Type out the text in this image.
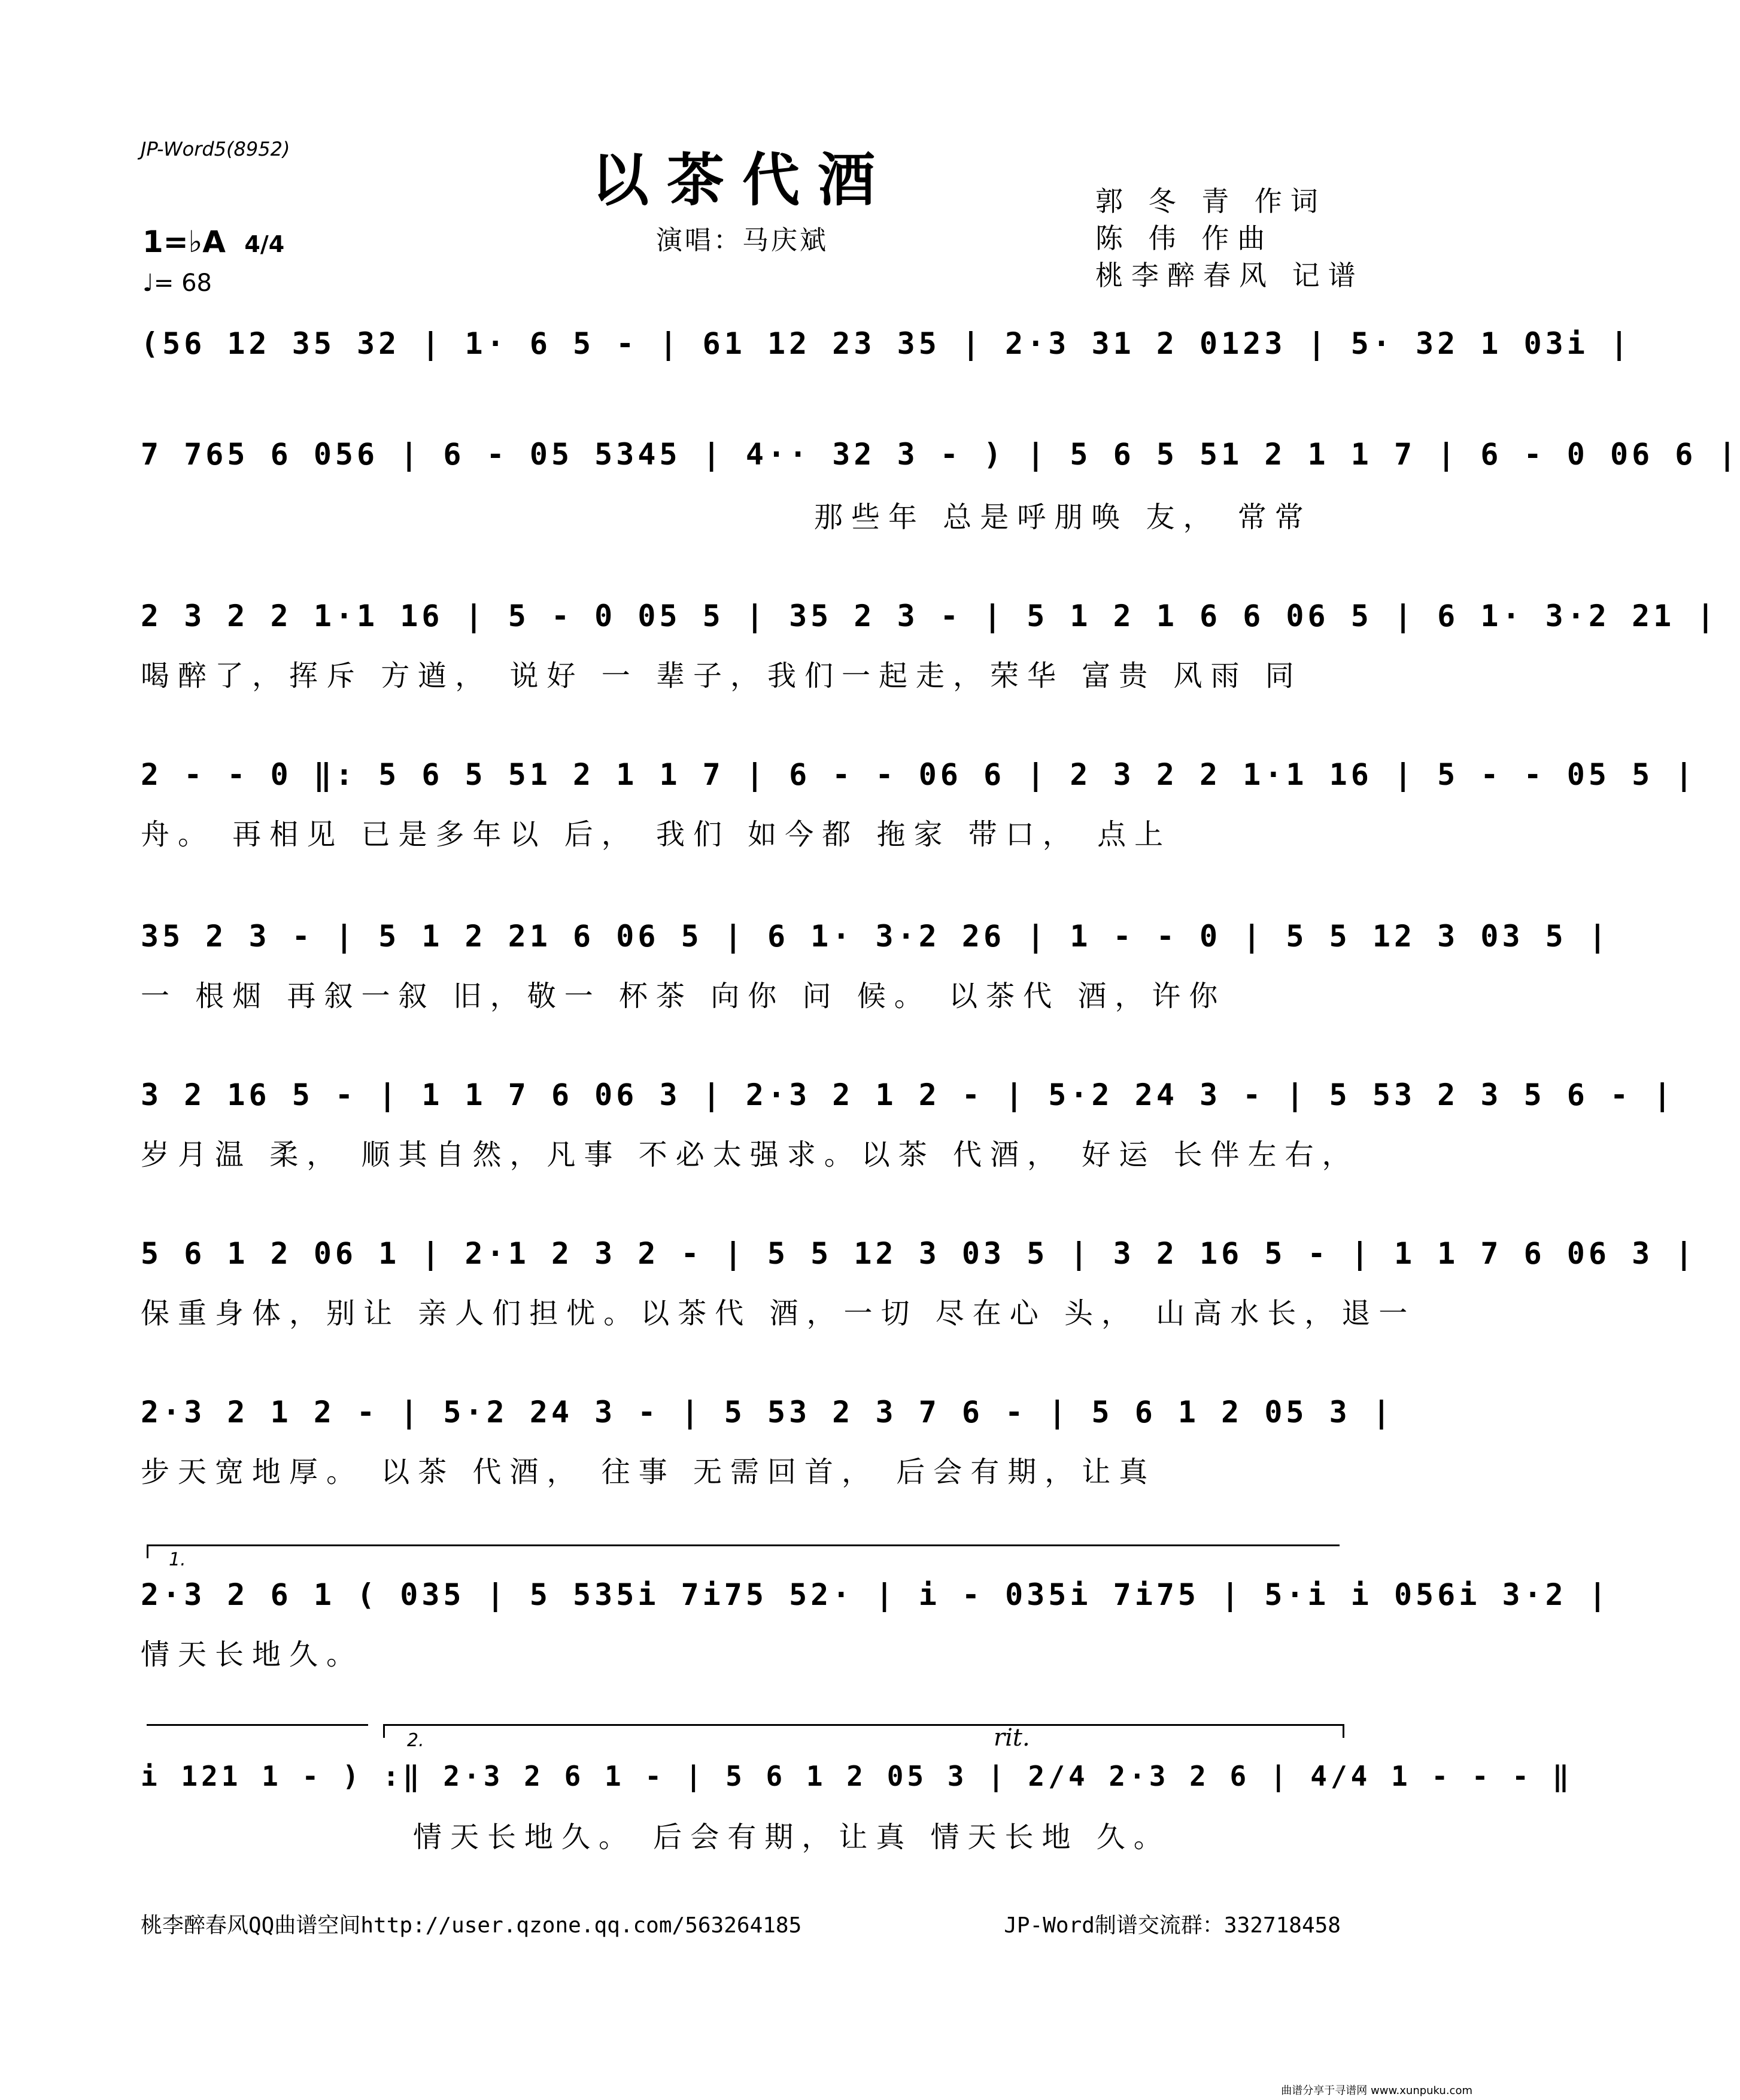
JP-Word5(8952)	以茶代酒
演唱：马庆斌
郭 冬 青 作词
陈 伟 作曲
桃李醉春风 记谱
1=♭A 4/4
♩= 68
(56 12 35 32 | 1· 6 5 - | 61 12 23 35 | 2·3 31 2 0123 | 5· 32 1 03i |
7 765 6 056 | 6 - 05 5345 | 4·· 32 3 - ) | 5 6 5 51 2 1 1 7 | 6 - 0 06 6 |
那些年 总是呼朋唤 友， 常常
2 3 2 2 1·1 16 | 5 - 0 05 5 | 35 2 3 - | 5 1 2 1 6 6 06 5 | 6 1· 3·2 21 |
喝醉了，挥斥 方遒， 说好 一 辈子，我们一起走，荣华 富贵 风雨 同
2 - - 0 ‖: 5 6 5 51 2 1 1 7 | 6 - - 06 6 | 2 3 2 2 1·1 16 | 5 - - 05 5 |
舟。 再相见 已是多年以 后， 我们 如今都 拖家 带口， 点上
35 2 3 - | 5 1 2 21 6 06 5 | 6 1· 3·2 26 | 1 - - 0 | 5 5 12 3 03 5 |
一 根烟 再叙一叙 旧，敬一 杯茶 向你 问 候。 以茶代 酒，许你
3 2 16 5 - | 1 1 7 6 06 3 | 2·3 2 1 2 - | 5·2 24 3 - | 5 53 2 3 5 6 - |
岁月温 柔， 顺其自然，凡事 不必太强求。以茶 代酒， 好运 长伴左右，
5 6 1 2 06 1 | 2·1 2 3 2 - | 5 5 12 3 03 5 | 3 2 16 5 - | 1 1 7 6 06 3 |
保重身体，别让 亲人们担忧。以茶代 酒，一切 尽在心 头， 山高水长，退一
2·3 2 1 2 - | 5·2 24 3 - | 5 53 2 3 7 6 - | 5 6 1 2 05 3 |
步天宽地厚。 以茶 代酒， 往事 无需回首， 后会有期，让真
1.
2·3 2 6 1 ( 035 | 5 535i 7i75 52· | i - 035i 7i75 | 5·i i 056i 3·2 |
情天长地久。
2.	rit.
i 121 1 - ) :‖ 2·3 2 6 1 - | 5 6 1 2 05 3 | 2/4 2·3 2 6 | 4/4 1 - - - ‖
情天长地久。 后会有期，让真 情天长地 久。
桃李醉春风QQ曲谱空间http://user.qzone.qq.com/563264185	JP-Word制谱交流群：332718458
曲谱分享于寻谱网 www.xunpuku.com
